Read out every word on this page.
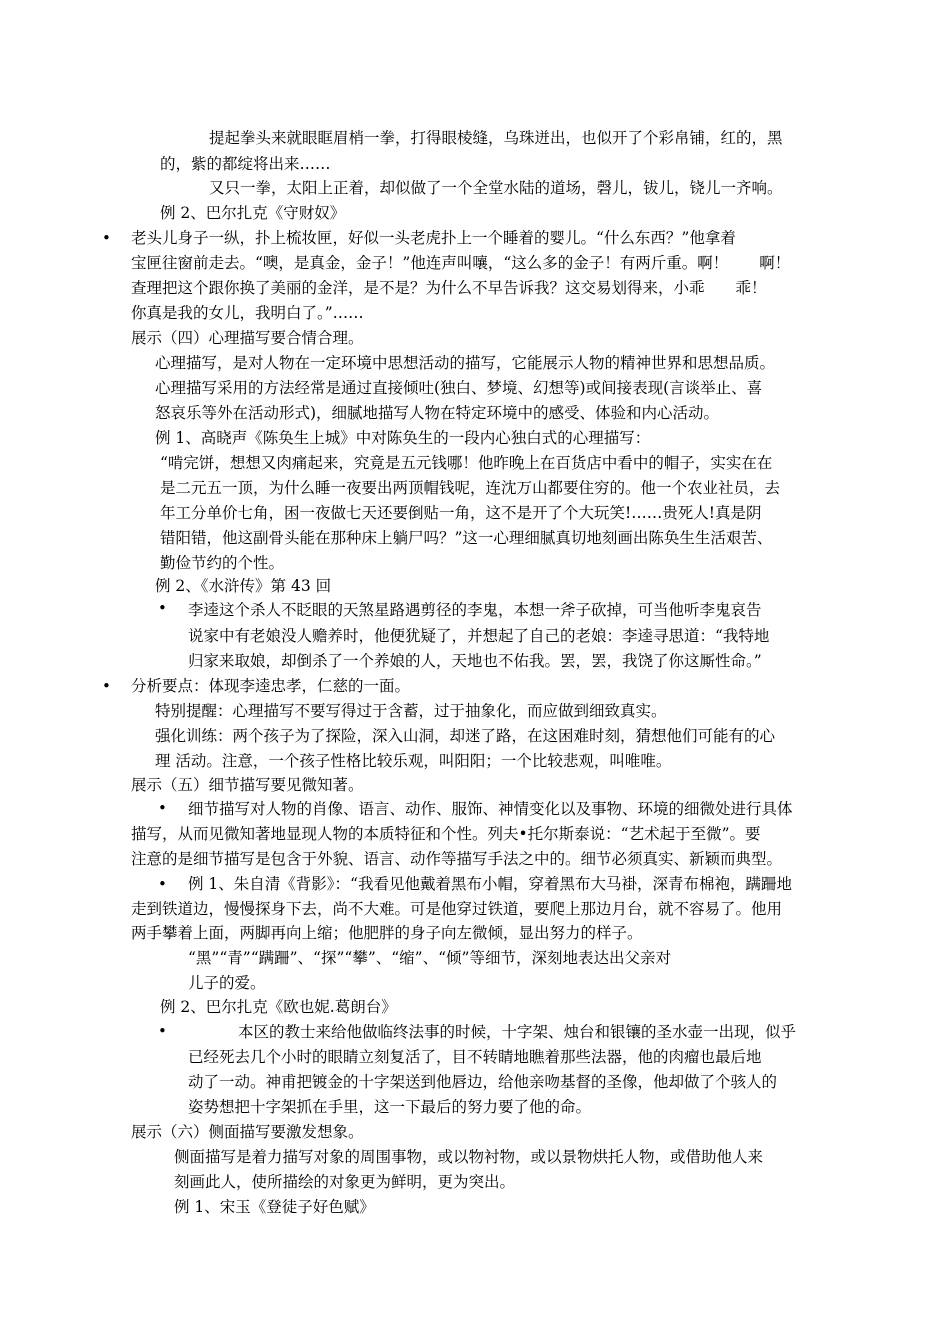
•
•
•
•
•
•
提起拳头来就眼眶眉梢一拳，打得眼棱缝，乌珠迸出，也似开了个彩帛铺，红的，黑
的，紫的都绽将出来……
又只一拳，太阳上正着，却似做了一个全堂水陆的道场，磬儿，钹儿，铙儿一齐响。
例 2、巴尔扎克《守财奴》
老头儿身子一纵，扑上梳妆匣，好似一头老虎扑上一个睡着的婴儿。“什么东西？”他拿着
宝匣往窗前走去。“噢，是真金，金子！”他连声叫嚷，“这么多的金子！有两斤重。啊！　　啊！
查理把这个跟你换了美丽的金洋，是不是？为什么不早告诉我？这交易划得来，小乖　　乖！
你真是我的女儿，我明白了。”……
展示（四）心理描写要合情合理。
心理描写，是对人物在一定环境中思想活动的描写，它能展示人物的精神世界和思想品质。
心理描写采用的方法经常是通过直接倾吐(独白、梦境、幻想等)或间接表现(言谈举止、喜
怒哀乐等外在活动形式)，细腻地描写人物在特定环境中的感受、体验和内心活动。
例 1、高晓声《陈奂生上城》中对陈奂生的一段内心独白式的心理描写：
“啃完饼，想想又肉痛起来，究竟是五元钱哪！他昨晚上在百货店中看中的帽子，实实在在
是二元五一顶，为什么睡一夜要出两顶帽钱呢，连沈万山都要住穷的。他一个农业社员，去
年工分单价七角，困一夜做七天还要倒贴一角，这不是开了个大玩笑!……贵死人!真是阴
错阳错，他这副骨头能在那种床上躺尸吗？”这一心理细腻真切地刻画出陈奂生生活艰苦、
勤俭节约的个性。
例 2、《水浒传》第 43 回
李逵这个杀人不眨眼的天煞星路遇剪径的李鬼，本想一斧子砍掉，可当他听李鬼哀告
说家中有老娘没人赡养时，他便犹疑了，并想起了自己的老娘：李逵寻思道：“我特地
归家来取娘，却倒杀了一个养娘的人，天地也不佑我。罢，罢，我饶了你这厮性命。”
分析要点：体现李逵忠孝，仁慈的一面。
特别提醒：心理描写不要写得过于含蓄，过于抽象化，而应做到细致真实。
强化训练：两个孩子为了探险，深入山洞，却迷了路，在这困难时刻，猜想他们可能有的心
理 活动。注意，一个孩子性格比较乐观，叫阳阳；一个比较悲观，叫唯唯。
展示（五）细节描写要见微知著。
细节描写对人物的肖像、语言、动作、服饰、神情变化以及事物、环境的细微处进行具体
描写，从而见微知著地显现人物的本质特征和个性。列夫•托尔斯泰说：“艺术起于至微”。要
注意的是细节描写是包含于外貌、语言、动作等描写手法之中的。细节必须真实、新颖而典型。
例 1、朱自清《背影》：“我看见他戴着黑布小帽，穿着黑布大马褂，深青布棉袍，蹒跚地
走到铁道边，慢慢探身下去，尚不大难。可是他穿过铁道，要爬上那边月台，就不容易了。他用
两手攀着上面，两脚再向上缩；他肥胖的身子向左微倾，显出努力的样子。
“黑”“青”“蹒跚”、“探”“攀”、“缩”、“倾”等细节，深刻地表达出父亲对
儿子的爱。
例 2、巴尔扎克《欧也妮.葛朗台》
本区的教士来给他做临终法事的时候，十字架、烛台和银镶的圣水壶一出现，似乎
已经死去几个小时的眼睛立刻复活了，目不转睛地瞧着那些法器，他的肉瘤也最后地
动了一动。神甫把镀金的十字架送到他唇边，给他亲吻基督的圣像，他却做了个骇人的
姿势想把十字架抓在手里，这一下最后的努力要了他的命。
展示（六）侧面描写要激发想象。
侧面描写是着力描写对象的周围事物，或以物衬物，或以景物烘托人物，或借助他人来
刻画此人，使所描绘的对象更为鲜明，更为突出。
例 1、宋玉《登徒子好色赋》
